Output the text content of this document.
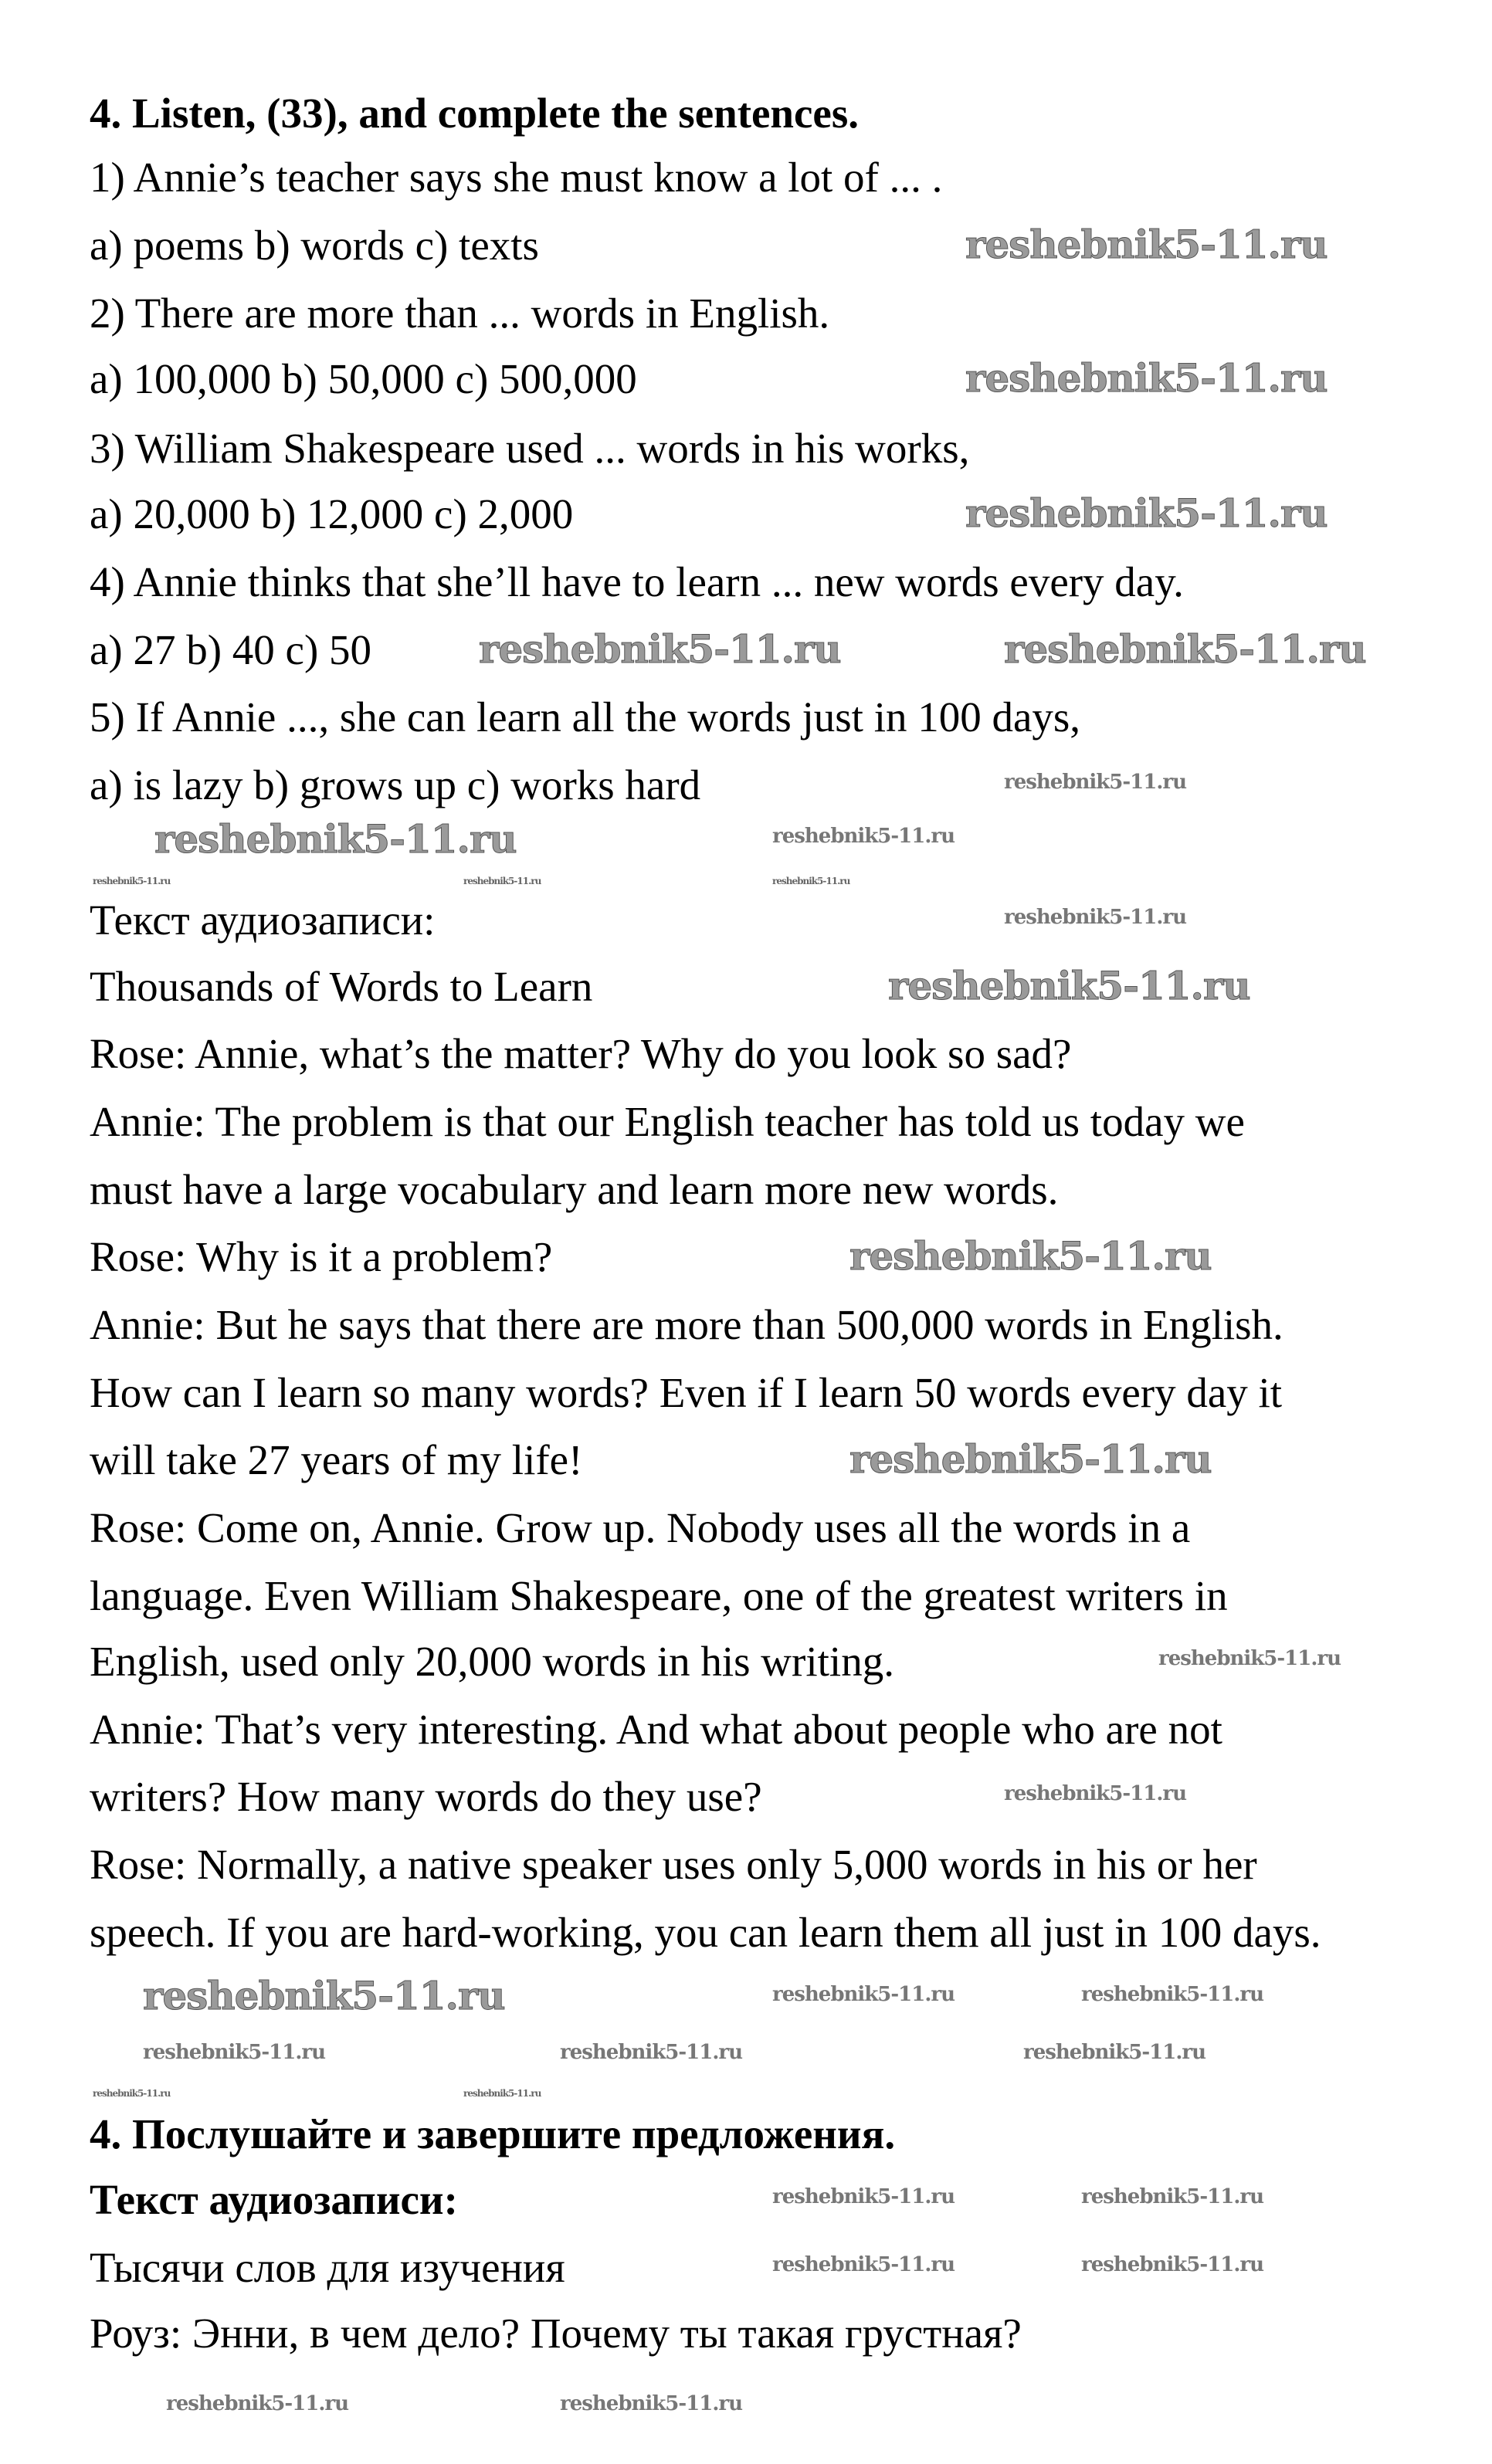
4. Listen, (33), and complete the sentences.
1) Annie’s teacher says she must know a lot of ... .
a) poems b) words c) texts
2) There are more than ... words in English.
a) 100,000 b) 50,000 c) 500,000
3) William Shakespeare used ... words in his works,
a) 20,000 b) 12,000 c) 2,000
4) Annie thinks that she’ll have to learn ... new words every day.
a) 27 b) 40 c) 50
5) If Annie ..., she can learn all the words just in 100 days,
a) is lazy b) grows up c) works hard
Текст аудиозаписи:
Thousands of Words to Learn
Rose: Annie, what’s the matter? Why do you look so sad?
Annie: The problem is that our English teacher has told us today we
must have a large vocabulary and learn more new words.
Rose: Why is it a problem?
Annie: But he says that there are more than 500,000 words in English.
How can I learn so many words? Even if I learn 50 words every day it
will take 27 years of my life!
Rose: Come on, Annie. Grow up. Nobody uses all the words in a
language. Even William Shakespeare, one of the greatest writers in
English, used only 20,000 words in his writing.
Annie: That’s very interesting. And what about people who are not
writers? How many words do they use?
Rose: Normally, a native speaker uses only 5,000 words in his or her
speech. If you are hard-working, you can learn them all just in 100 days.
4. Послушайте и завершите предложения.
Текст аудиозаписи:
Тысячи слов для изучения
Роуз: Энни, в чем дело? Почему ты такая грустная?
reshebnik5-11.ru
reshebnik5-11.ru
reshebnik5-11.ru
reshebnik5-11.ru	reshebnik5-11.ru
reshebnik5-11.ru
reshebnik5-11.ru
reshebnik5-11.ru
reshebnik5-11.ru
reshebnik5-11.ru
reshebnik5-11.ru
reshebnik5-11.ru
reshebnik5-11.ru
reshebnik5-11.ru
reshebnik5-11.ru
reshebnik5-11.ru	reshebnik5-11.ru
reshebnik5-11.ru	reshebnik5-11.ru	reshebnik5-11.ru
reshebnik5-11.ru	reshebnik5-11.ru
reshebnik5-11.ru	reshebnik5-11.ru
reshebnik5-11.ru	reshebnik5-11.ru
reshebnik5-11.ru	reshebnik5-11.ru	reshebnik5-11.ru
reshebnik5-11.ru	reshebnik5-11.ru
